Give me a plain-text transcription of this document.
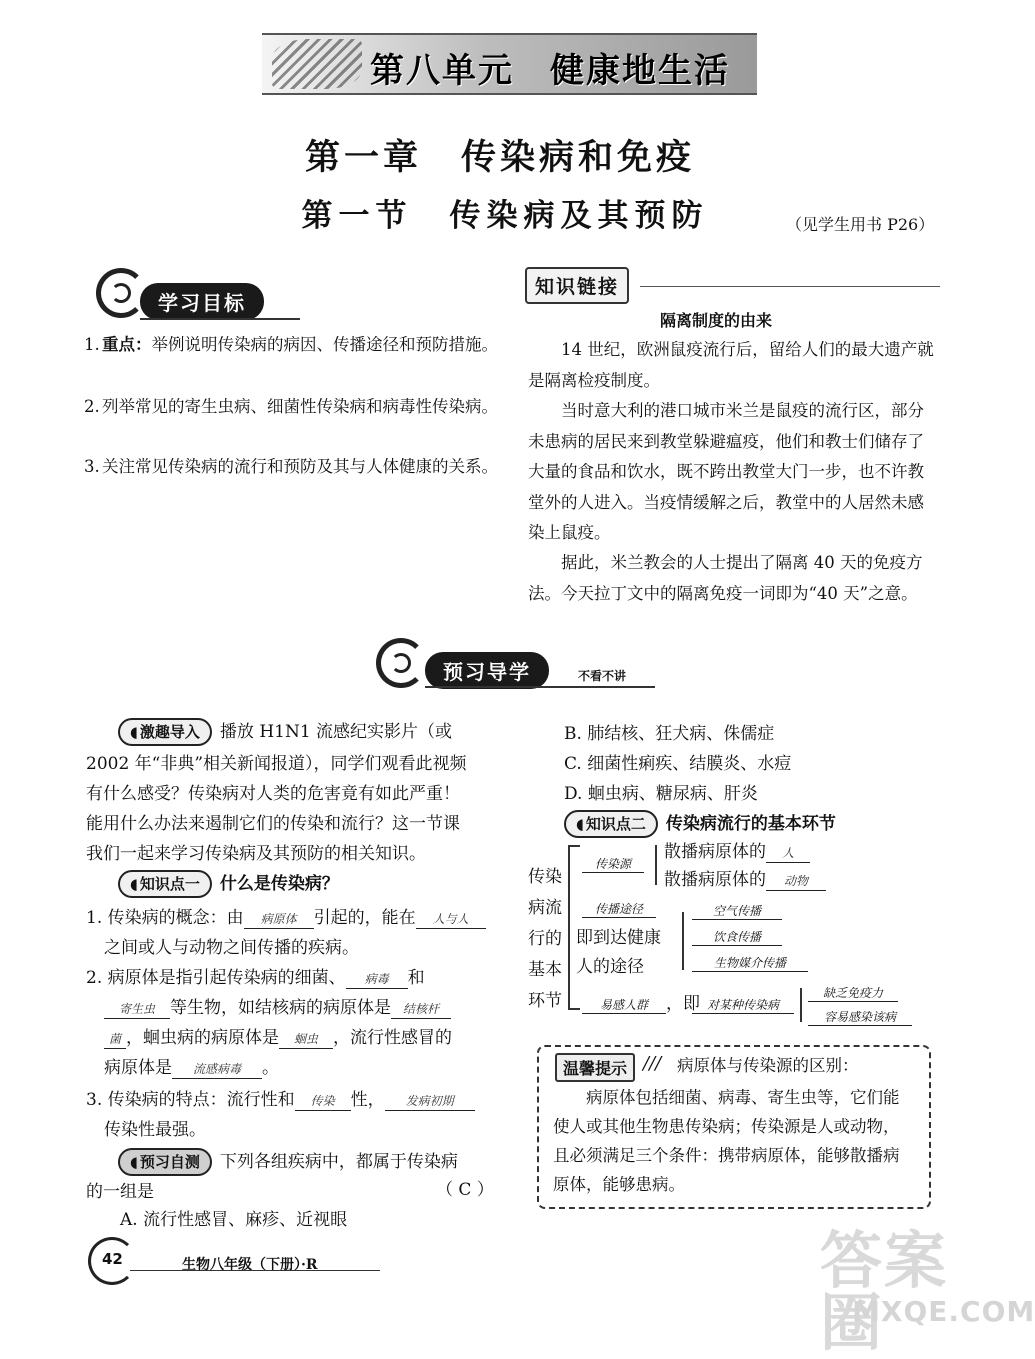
第八单元　健康地生活
第一章　传染病和免疫
第一节　传染病及其预防	（见学生用书 P26）
学习目标
1. 重点：举例说明传染病的病因、传播途径和预防措施。
2. 列举常见的寄生虫病、细菌性传染病和病毒性传染病。
3. 关注常见传染病的流行和预防及其与人体健康的关系。
知识链接
隔离制度的由来
14 世纪，欧洲鼠疫流行后，留给人们的最大遗产就是隔离检疫制度。
当时意大利的港口城市米兰是鼠疫的流行区，部分未患病的居民来到教堂躲避瘟疫，他们和教士们储存了大量的食品和饮水，既不跨出教堂大门一步，也不许教堂外的人进入。当疫情缓解之后，教堂中的人居然未感染上鼠疫。
据此，米兰教会的人士提出了隔离 40 天的免疫方法。今天拉丁文中的隔离免疫一词即为“40 天”之意。
预习导学	不看不讲
◖ 激趣导入 播放 H1N1 流感纪实影片（或
2002 年“非典”相关新闻报道），同学们观看此视频
有什么感受？传染病对人类的危害竟有如此严重！
能用什么办法来遏制它们的传染和流行？这一节课
我们一起来学习传染病及其预防的相关知识。
◖ 知识点一 什么是传染病？
1. 传染病的概念：由 病原体 引起的，能在 人与人
之间或人与动物之间传播的疾病。
2. 病原体是指引起传染病的细菌、 病毒 和
寄生虫 等生物，如结核病的病原体是 结核杆
菌 ，蛔虫病的病原体是 蛔虫 ，流行性感冒的
病原体是 流感病毒 。
3. 传染病的特点：流行性和 传染 性， 发病初期
传染性最强。
◖ 预习自测 下列各组疾病中，都属于传染病
的一组是	（ C ）
A. 流行性感冒、麻疹、近视眼
B. 肺结核、狂犬病、侏儒症
C. 细菌性痢疾、结膜炎、水痘
D. 蛔虫病、糖尿病、肝炎
◖ 知识点二 传染病流行的基本环节
传染
病流
行的
基本
环节
传染源
散播病原体的 人
散播病原体的 动物
传播途径
即到达健康
人的途径
空气传播
饮食传播
生物媒介传播
易感人群	，即 对某种传染病
缺乏免疫力
容易感染该病
温馨提示 /// 病原体与传染源的区别：
病原体包括细菌、病毒、寄生虫等，它们能使人或其他生物患传染病；传染源是人或动物，且必须满足三个条件：携带病原体，能够散播病原体，能够患病。
42	生物八年级（下册）·R	答案圈
MXQE.COM
